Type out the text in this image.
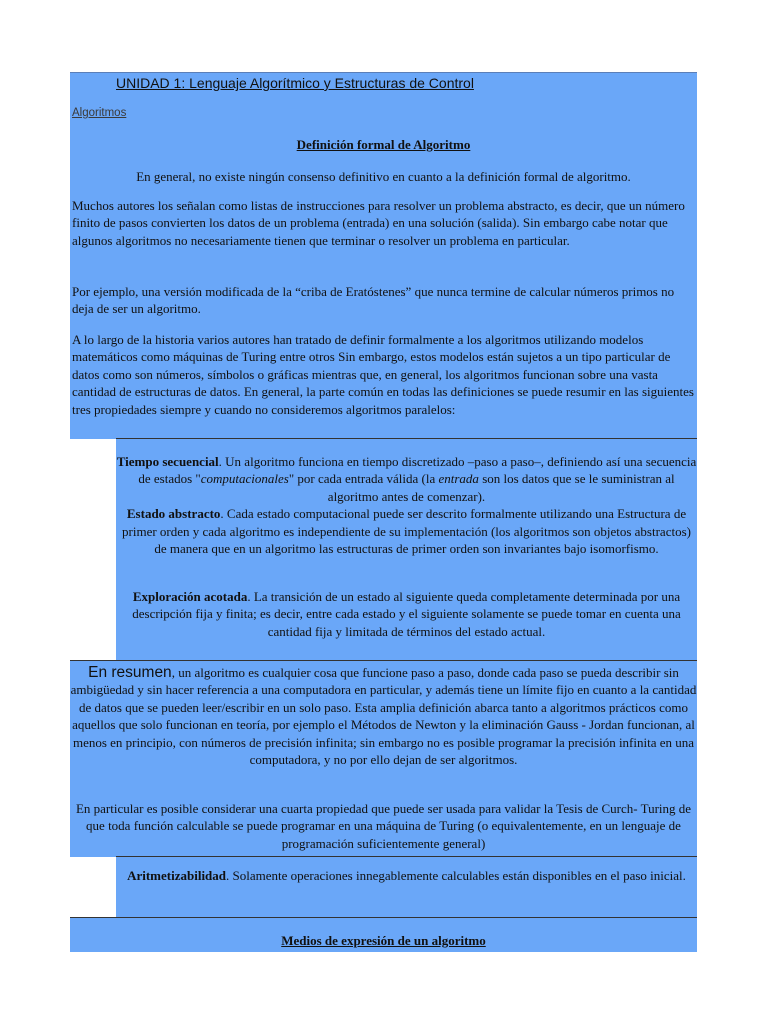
UNIDAD 1: Lenguaje Algorítmico y Estructuras de Control
Algoritmos
Definición formal de Algoritmo

En general, no existe ningún consenso definitivo en cuanto a la definición formal de algoritmo.

Muchos autores los señalan como listas de instrucciones para resolver un problema abstracto, es decir, que un número finito de pasos convierten los datos de un problema (entrada) en una solución (salida). Sin embargo cabe notar que algunos algoritmos no necesariamente tienen que terminar o resolver un problema en particular.

Por ejemplo, una versión modificada de la “criba de Eratóstenes” que nunca termine de calcular números primos no deja de ser un algoritmo.

A lo largo de la historia varios autores han tratado de definir formalmente a los algoritmos utilizando modelos matemáticos como máquinas de Turing entre otros Sin embargo, estos modelos están sujetos a un tipo particular de datos como son números, símbolos o gráficas mientras que, en general, los algoritmos funcionan sobre una vasta cantidad de estructuras de datos. En general, la parte común en todas las definiciones se puede resumir en las siguientes tres propiedades siempre y cuando no consideremos algoritmos paralelos:

Tiempo secuencial. Un algoritmo funciona en tiempo discretizado –paso a paso–, definiendo así una secuencia de estados "computacionales" por cada entrada válida (la entrada son los datos que se le suministran al algoritmo antes de comenzar).
Estado abstracto. Cada estado computacional puede ser descrito formalmente utilizando una Estructura de primer orden y cada algoritmo es independiente de su implementación (los algoritmos son objetos abstractos) de manera que en un algoritmo las estructuras de primer orden son invariantes bajo isomorfismo.

Exploración acotada. La transición de un estado al siguiente queda completamente determinada por una descripción fija y finita; es decir, entre cada estado y el siguiente solamente se puede tomar en cuenta una cantidad fija y limitada de términos del estado actual.

En resumen, un algoritmo es cualquier cosa que funcione paso a paso, donde cada paso se pueda describir sin ambigüedad y sin hacer referencia a una computadora en particular, y además tiene un límite fijo en cuanto a la cantidad de datos que se pueden leer/escribir en un solo paso. Esta amplia definición abarca tanto a algoritmos prácticos como aquellos que solo funcionan en teoría, por ejemplo el Métodos de Newton y la eliminación Gauss - Jordan funcionan, al menos en principio, con números de precisión infinita; sin embargo no es posible programar la precisión infinita en una computadora, y no por ello dejan de ser algoritmos.

En particular es posible considerar una cuarta propiedad que puede ser usada para validar la Tesis de Curch- Turing de que toda función calculable se puede programar en una máquina de Turing (o equivalentemente, en un lenguaje de programación suficientemente general)

Aritmetizabilidad. Solamente operaciones innegablemente calculables están disponibles en el paso inicial.

Medios de expresión de un algoritmo
